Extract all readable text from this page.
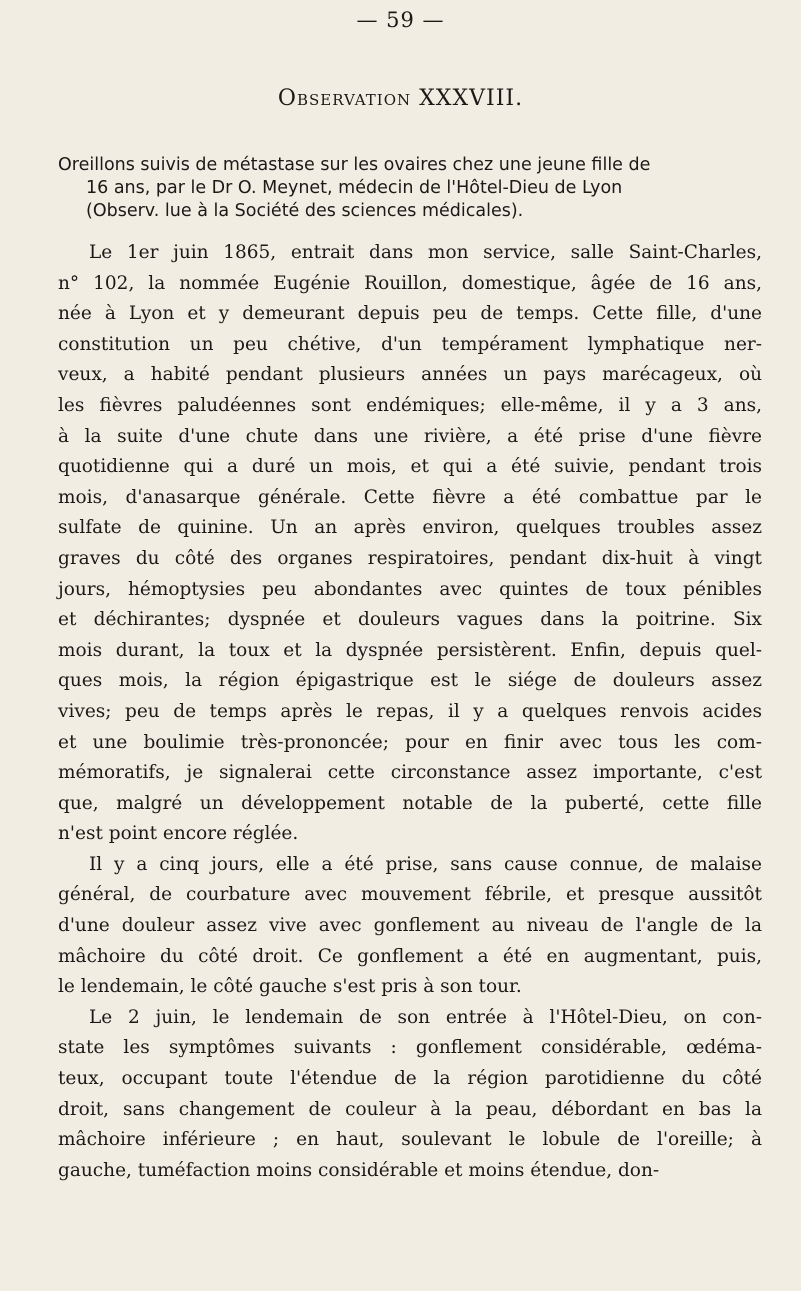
— 59 —
Observation XXXVIII.
Oreillons suivis de métastase sur les ovaires chez une jeune fille de
16 ans, par le Dr O. Meynet, médecin de l'Hôtel-Dieu de Lyon
(Observ. lue à la Société des sciences médicales).
Le 1er juin 1865, entrait dans mon service, salle Saint-Charles,
n° 102, la nommée Eugénie Rouillon, domestique, âgée de 16 ans,
née à Lyon et y demeurant depuis peu de temps. Cette fille, d'une
constitution un peu chétive, d'un tempérament lymphatique ner-
veux, a habité pendant plusieurs années un pays marécageux, où
les fièvres paludéennes sont endémiques; elle-même, il y a 3 ans,
à la suite d'une chute dans une rivière, a été prise d'une fièvre
quotidienne qui a duré un mois, et qui a été suivie, pendant trois
mois, d'anasarque générale. Cette fièvre a été combattue par le
sulfate de quinine. Un an après environ, quelques troubles assez
graves du côté des organes respiratoires, pendant dix-huit à vingt
jours, hémoptysies peu abondantes avec quintes de toux pénibles
et déchirantes; dyspnée et douleurs vagues dans la poitrine. Six
mois durant, la toux et la dyspnée persistèrent. Enfin, depuis quel-
ques mois, la région épigastrique est le siége de douleurs assez
vives; peu de temps après le repas, il y a quelques renvois acides
et une boulimie très-prononcée; pour en finir avec tous les com-
mémoratifs, je signalerai cette circonstance assez importante, c'est
que, malgré un développement notable de la puberté, cette fille
n'est point encore réglée.
Il y a cinq jours, elle a été prise, sans cause connue, de malaise
général, de courbature avec mouvement fébrile, et presque aussitôt
d'une douleur assez vive avec gonflement au niveau de l'angle de la
mâchoire du côté droit. Ce gonflement a été en augmentant, puis,
le lendemain, le côté gauche s'est pris à son tour.
Le 2 juin, le lendemain de son entrée à l'Hôtel-Dieu, on con-
state les symptômes suivants : gonflement considérable, œdéma-
teux, occupant toute l'étendue de la région parotidienne du côté
droit, sans changement de couleur à la peau, débordant en bas la
mâchoire inférieure ; en haut, soulevant le lobule de l'oreille; à
gauche, tuméfaction moins considérable et moins étendue, don-
